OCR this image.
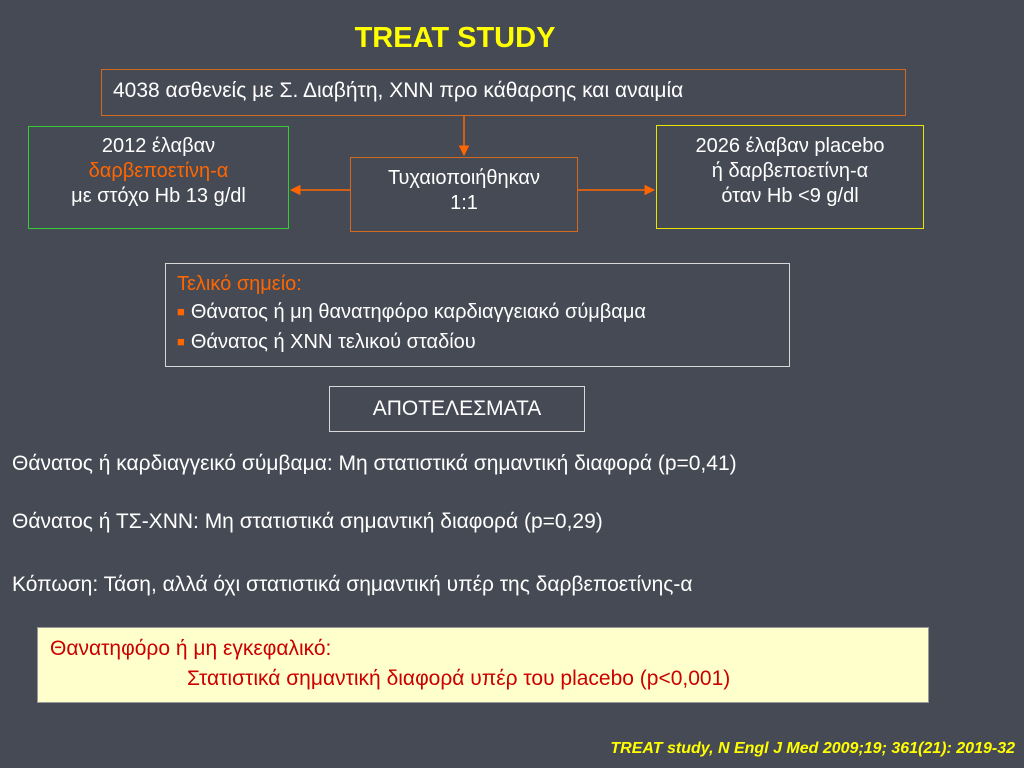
TREAT STUDY
4038 ασθενείς με Σ. Διαβήτη, ΧΝΝ προ κάθαρσης και αναιμία
2012 έλαβαν
δαρβεποετίνη-α
με στόχο Hb 13 g/dl
Τυχαιοποιήθηκαν
1:1
2026 έλαβαν placebo
ή δαρβεποετίνη-α
όταν Hb <9 g/dl
Τελικό σημείο:
■ Θάνατος ή μη θανατηφόρο καρδιαγγειακό σύμβαμα
■ Θάνατος ή ΧΝΝ τελικού σταδίου
ΑΠΟΤΕΛΕΣΜΑΤΑ
Θάνατος ή καρδιαγγεικό σύμβαμα: Μη στατιστικά σημαντική διαφορά (p=0,41)
Θάνατος ή ΤΣ-ΧΝΝ: Μη στατιστικά σημαντική διαφορά (p=0,29)
Κόπωση: Τάση, αλλά όχι στατιστικά σημαντική υπέρ της δαρβεποετίνης-α
Θανατηφόρο ή μη εγκεφαλικό:
Στατιστικά σημαντική διαφορά υπέρ του placebo (p<0,001)
TREAT study, N Engl J Med 2009;19; 361(21): 2019-32
